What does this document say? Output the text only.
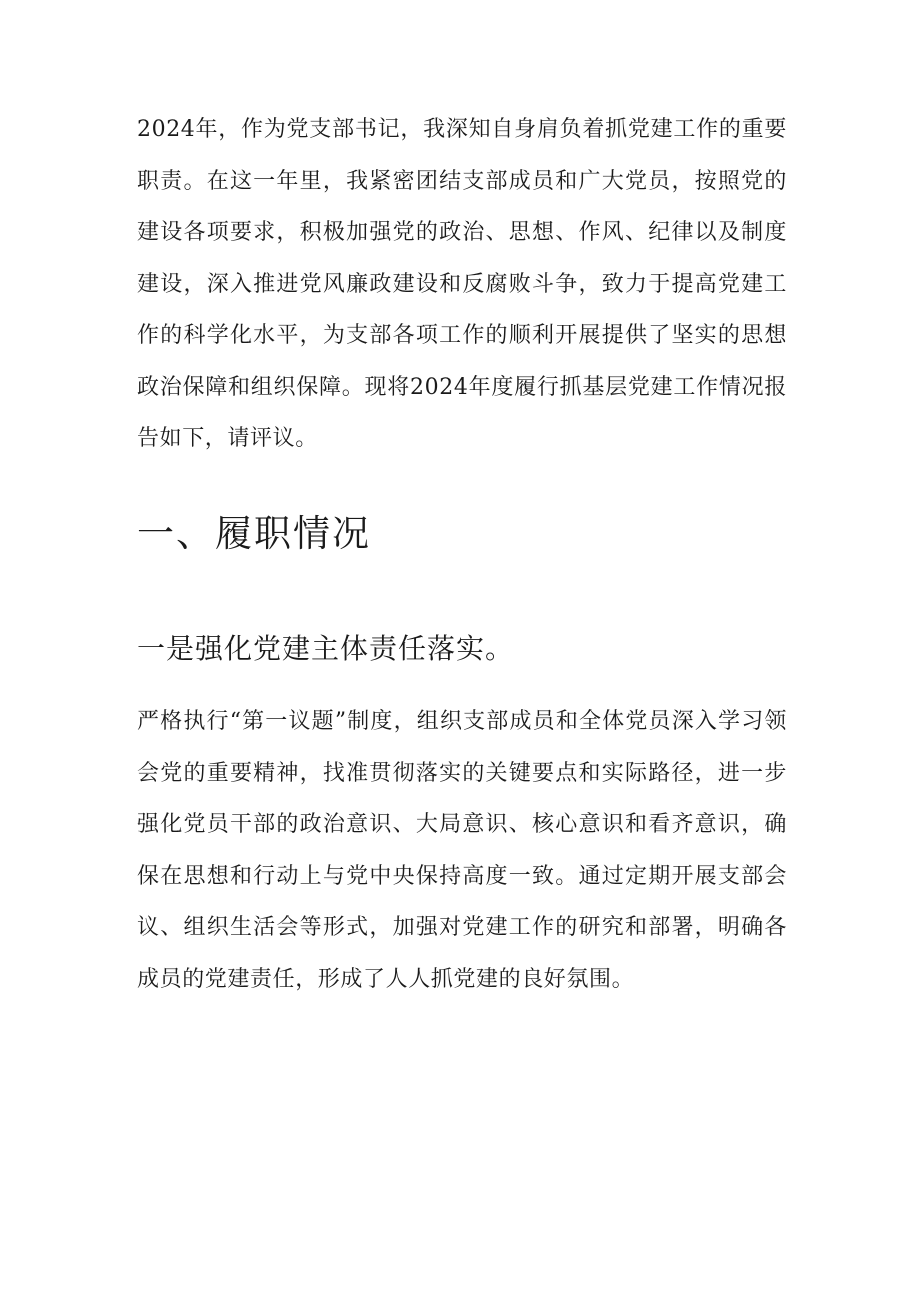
2024年，作为党支部书记，我深知自身肩负着抓党建工作的重要职责。在这一年里，我紧密团结支部成员和广大党员，按照党的建设各项要求，积极加强党的政治、思想、作风、纪律以及制度建设，深入推进党风廉政建设和反腐败斗争，致力于提高党建工作的科学化水平，为支部各项工作的顺利开展提供了坚实的思想政治保障和组织保障。现将2024年度履行抓基层党建工作情况报告如下，请评议。

一、履职情况
一是强化党建主体责任落实。

严格执行“第一议题”制度，组织支部成员和全体党员深入学习领会党的重要精神，找准贯彻落实的关键要点和实际路径，进一步强化党员干部的政治意识、大局意识、核心意识和看齐意识，确保在思想和行动上与党中央保持高度一致。通过定期开展支部会议、组织生活会等形式，加强对党建工作的研究和部署，明确各成员的党建责任，形成了人人抓党建的良好氛围。
